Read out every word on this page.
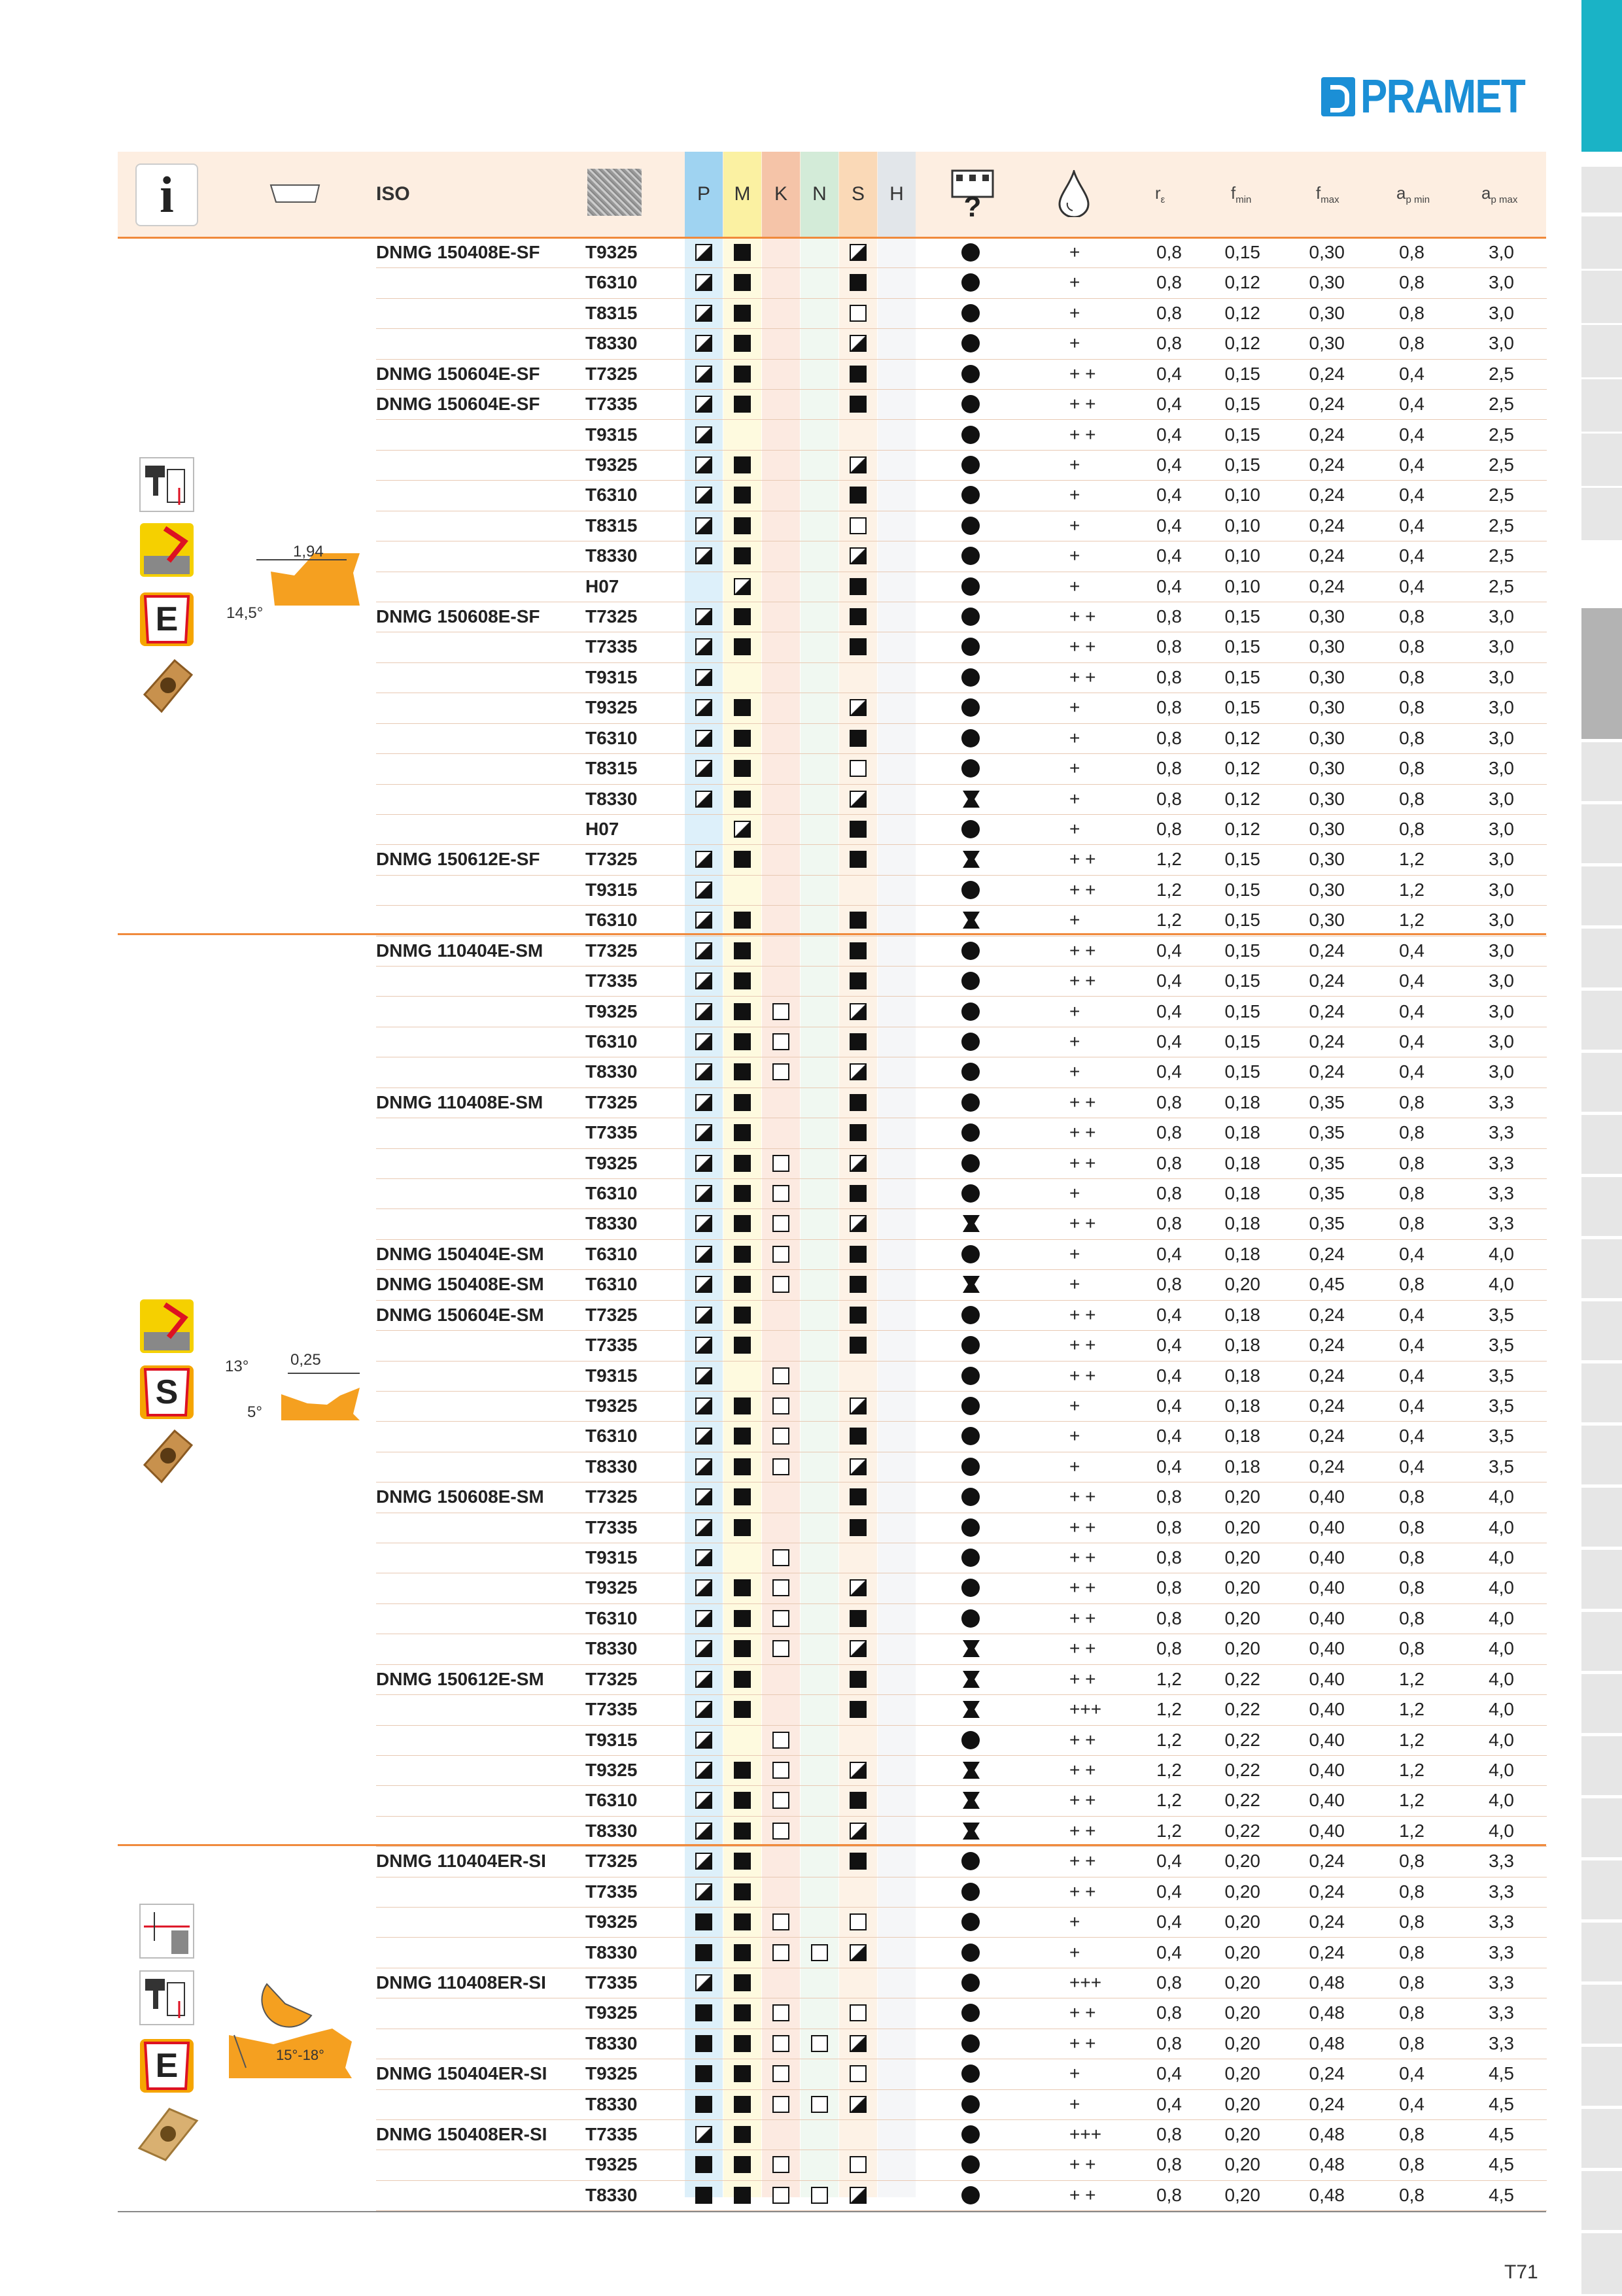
PRAMET
P	M	K	N	S	H
i	ISO	?	$r_\varepsilon$	$f_{min}$	$f_{max}$	$a_{p min}$	$a_{p max}$
E
1,94
14,5°
S
0,25
13°
5°
E	15°-18°
DNMG 150408E-SF T9325	+	0,8	0,15	0,30	0,8	3,0
T6310	+	0,8	0,12	0,30	0,8	3,0
T8315	+	0,8	0,12	0,30	0,8	3,0
T8330	+	0,8	0,12	0,30	0,8	3,0
DNMG 150604E-SF T7325	+ +	0,4	0,15	0,24	0,4	2,5
DNMG 150604E-SF T7335	+ +	0,4	0,15	0,24	0,4	2,5
T9315	+ +	0,4	0,15	0,24	0,4	2,5
T9325	+	0,4	0,15	0,24	0,4	2,5
T6310	+	0,4	0,10	0,24	0,4	2,5
T8315	+	0,4	0,10	0,24	0,4	2,5
T8330	+	0,4	0,10	0,24	0,4	2,5
H07	+	0,4	0,10	0,24	0,4	2,5
DNMG 150608E-SF T7325	+ +	0,8	0,15	0,30	0,8	3,0
T7335	+ +	0,8	0,15	0,30	0,8	3,0
T9315	+ +	0,8	0,15	0,30	0,8	3,0
T9325	+	0,8	0,15	0,30	0,8	3,0
T6310	+	0,8	0,12	0,30	0,8	3,0
T8315	+	0,8	0,12	0,30	0,8	3,0
T8330	+	0,8	0,12	0,30	0,8	3,0
H07	+	0,8	0,12	0,30	0,8	3,0
DNMG 150612E-SF T7325	+ +	1,2	0,15	0,30	1,2	3,0
T9315	+ +	1,2	0,15	0,30	1,2	3,0
T6310	+	1,2	0,15	0,30	1,2	3,0
DNMG 110404E-SM T7325	+ +	0,4	0,15	0,24	0,4	3,0
T7335	+ +	0,4	0,15	0,24	0,4	3,0
T9325	+	0,4	0,15	0,24	0,4	3,0
T6310	+	0,4	0,15	0,24	0,4	3,0
T8330	+	0,4	0,15	0,24	0,4	3,0
DNMG 110408E-SM T7325	+ +	0,8	0,18	0,35	0,8	3,3
T7335	+ +	0,8	0,18	0,35	0,8	3,3
T9325	+ +	0,8	0,18	0,35	0,8	3,3
T6310	+	0,8	0,18	0,35	0,8	3,3
T8330	+ +	0,8	0,18	0,35	0,8	3,3
DNMG 150404E-SM T6310	+	0,4	0,18	0,24	0,4	4,0
DNMG 150408E-SM T6310	+	0,8	0,20	0,45	0,8	4,0
DNMG 150604E-SM T7325	+ +	0,4	0,18	0,24	0,4	3,5
T7335	+ +	0,4	0,18	0,24	0,4	3,5
T9315	+ +	0,4	0,18	0,24	0,4	3,5
T9325	+	0,4	0,18	0,24	0,4	3,5
T6310	+	0,4	0,18	0,24	0,4	3,5
T8330	+	0,4	0,18	0,24	0,4	3,5
DNMG 150608E-SM T7325	+ +	0,8	0,20	0,40	0,8	4,0
T7335	+ +	0,8	0,20	0,40	0,8	4,0
T9315	+ +	0,8	0,20	0,40	0,8	4,0
T9325	+ +	0,8	0,20	0,40	0,8	4,0
T6310	+ +	0,8	0,20	0,40	0,8	4,0
T8330	+ +	0,8	0,20	0,40	0,8	4,0
DNMG 150612E-SM T7325	+ +	1,2	0,22	0,40	1,2	4,0
T7335	+++	1,2	0,22	0,40	1,2	4,0
T9315	+ +	1,2	0,22	0,40	1,2	4,0
T9325	+ +	1,2	0,22	0,40	1,2	4,0
T6310	+ +	1,2	0,22	0,40	1,2	4,0
T8330	+ +	1,2	0,22	0,40	1,2	4,0
DNMG 110404ER-SI T7325	+ +	0,4	0,20	0,24	0,8	3,3
T7335	+ +	0,4	0,20	0,24	0,8	3,3
T9325	+	0,4	0,20	0,24	0,8	3,3
T8330	+	0,4	0,20	0,24	0,8	3,3
DNMG 110408ER-SI T7335	+++	0,8	0,20	0,48	0,8	3,3
T9325	+ +	0,8	0,20	0,48	0,8	3,3
T8330	+ +	0,8	0,20	0,48	0,8	3,3
DNMG 150404ER-SI T9325	+	0,4	0,20	0,24	0,4	4,5
T8330	+	0,4	0,20	0,24	0,4	4,5
DNMG 150408ER-SI T7335	+++	0,8	0,20	0,48	0,8	4,5
T9325	+ +	0,8	0,20	0,48	0,8	4,5
T8330	+ +	0,8	0,20	0,48	0,8	4,5
T71
